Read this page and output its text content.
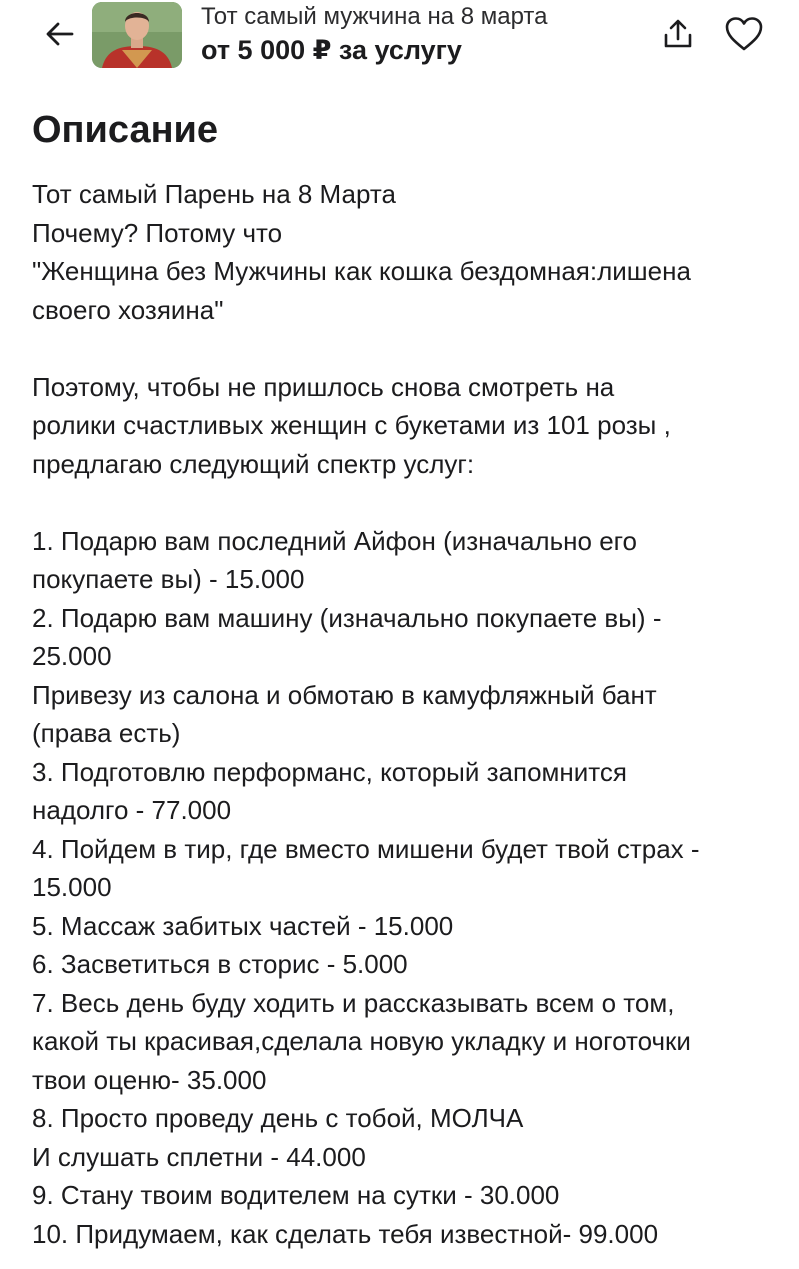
Тот самый мужчина на 8 марта
от 5 000 ₽ за услугу
Описание
Тот самый Парень на 8 Марта
Почему? Потому что
"Женщина без Мужчины как кошка бездомная:лишена
своего хозяина"
Поэтому, чтобы не пришлось снова смотреть на
ролики счастливых женщин с букетами из 101 розы ,
предлагаю следующий спектр услуг:
1. Подарю вам последний Айфон (изначально его
покупаете вы) - 15.000
2. Подарю вам машину (изначально покупаете вы) -
25.000
Привезу из салона и обмотаю в камуфляжный бант
(права есть)
3. Подготовлю перформанс, который запомнится
надолго - 77.000
4. Пойдем в тир, где вместо мишени будет твой страх -
15.000
5. Массаж забитых частей - 15.000
6. Засветиться в сторис - 5.000
7. Весь день буду ходить и рассказывать всем о том,
какой ты красивая,сделала новую укладку и ноготочки
твои оценю- 35.000
8. Просто проведу день с тобой, МОЛЧА
И слушать сплетни - 44.000
9. Стану твоим водителем на сутки - 30.000
10. Придумаем, как сделать тебя известной- 99.000
